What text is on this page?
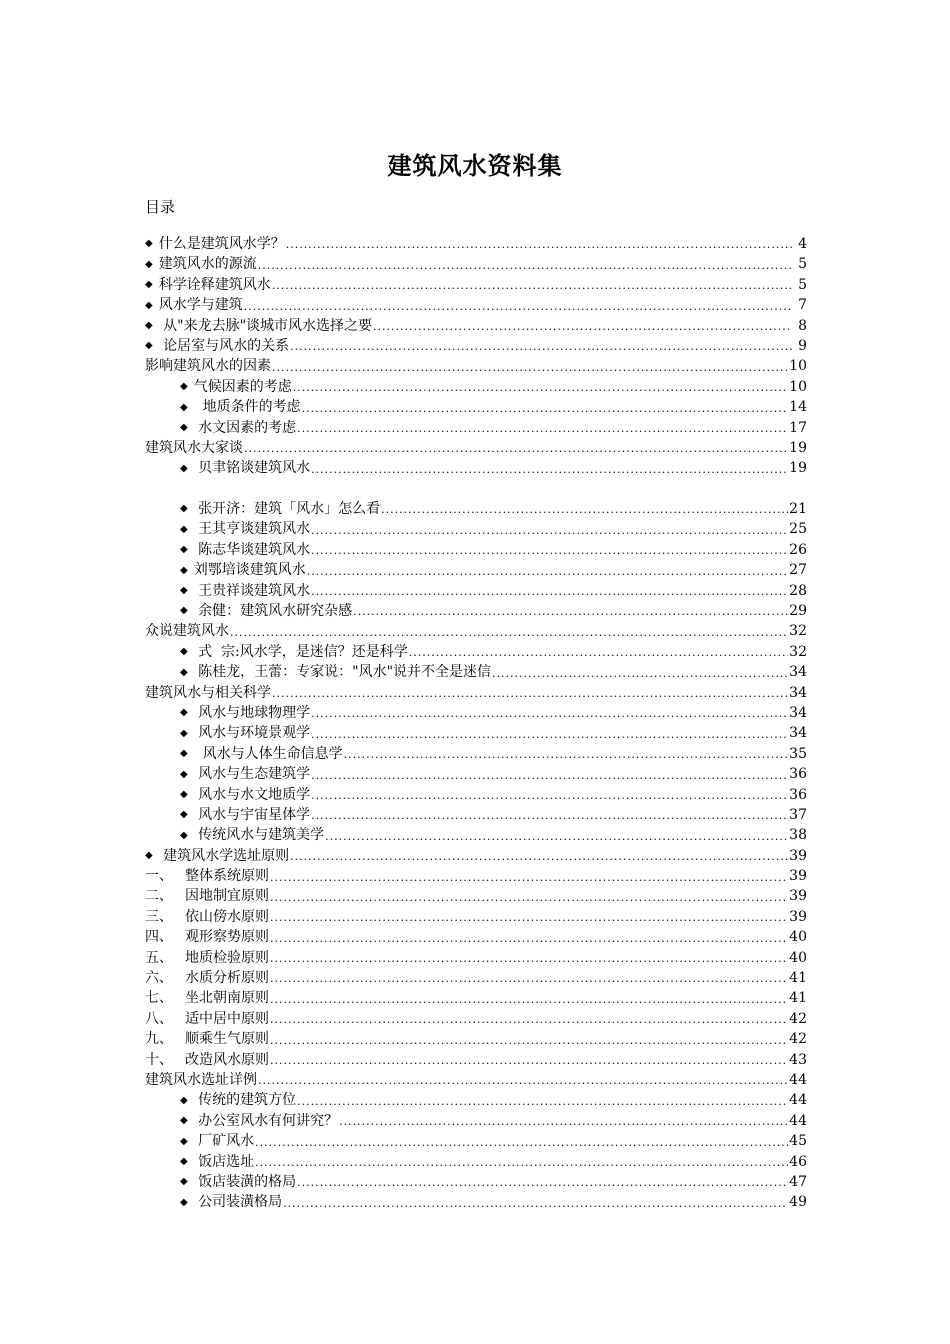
建筑风水资料集
目录
◆ 什么是建筑风水学？ .....	4
◆ 建筑风水的源流 .....	5
◆ 科学诠释建筑风水 .....	5
◆ 风水学与建筑 .....	7
◆ 从"来龙去脉"谈城市风水选择之要 .....	8
◆ 论居室与风水的关系 .....	9
影响建筑风水的因素 .....	10
◆ 气候因素的考虑 .....	10
◆ 地质条件的考虑 .....	14
◆ 水文因素的考虑 .....	17
建筑风水大家谈 .....	19
◆ 贝聿铭谈建筑风水 .....	19
◆ 张开济：建筑「风水」怎么看 .....	21
◆ 王其亨谈建筑风水 .....	25
◆ 陈志华谈建筑风水 .....	26
◆ 刘鄂培谈建筑风水 .....	27
◆ 王贵祥谈建筑风水 .....	28
◆ 余健：建筑风水研究杂感 .....	29
众说建筑风水 .....	32
◆ 式  宗:风水学，是迷信？还是科学 .....	32
◆ 陈桂龙，王蕾：专家说："风水"说并不全是迷信 .....	34
建筑风水与相关科学 .....	34
◆ 风水与地球物理学 .....	34
◆ 风水与环境景观学 .....	34
◆ 风水与人体生命信息学 .....	35
◆ 风水与生态建筑学 .....	36
◆ 风水与水文地质学 .....	36
◆ 风水与宇宙星体学 .....	37
◆ 传统风水与建筑美学 .....	38
◆ 建筑风水学选址原则 .....	39
一、 整体系统原则 .....	39
二、 因地制宜原则 .....	39
三、 依山傍水原则 .....	39
四、 观形察势原则 .....	40
五、 地质检验原则 .....	40
六、 水质分析原则 .....	41
七、 坐北朝南原则 .....	41
八、 适中居中原则 .....	42
九、 顺乘生气原则 .....	42
十、 改造风水原则 .....	43
建筑风水选址详例 .....	44
◆ 传统的建筑方位 .....	44
◆ 办公室风水有何讲究？ .....	44
◆ 厂矿风水 .....	45
◆ 饭店选址 .....	46
◆ 饭店装潢的格局 .....	47
◆ 公司装潢格局 .....	49
